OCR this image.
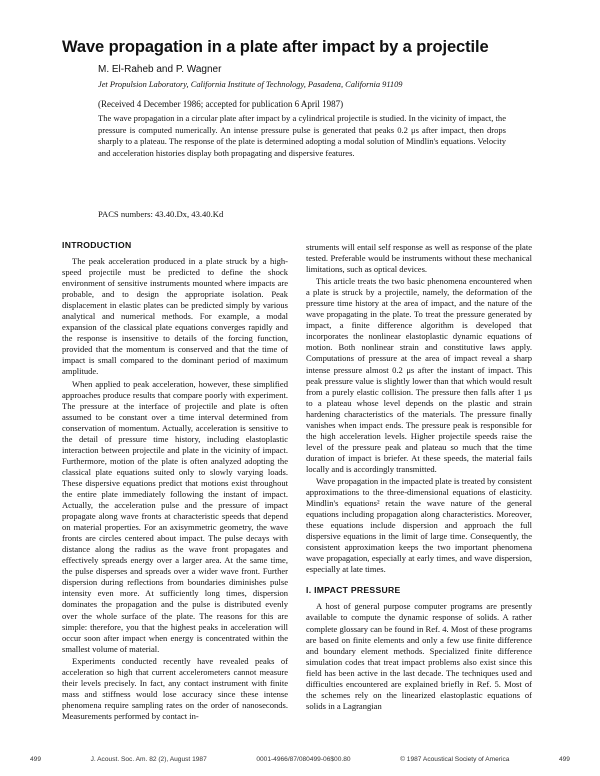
Wave propagation in a plate after impact by a projectile
M. El-Raheb and P. Wagner
Jet Propulsion Laboratory, California Institute of Technology, Pasadena, California 91109
(Received 4 December 1986; accepted for publication 6 April 1987)

The wave propagation in a circular plate after impact by a cylindrical projectile is studied. In the vicinity of impact, the pressure is computed numerically. An intense pressure pulse is generated that peaks 0.2 μs after impact, then drops sharply to a plateau. The response of the plate is determined adopting a modal solution of Mindlin's equations. Velocity and acceleration histories display both propagating and dispersive features.

PACS numbers: 43.40.Dx, 43.40.Kd
INTRODUCTION

The peak acceleration produced in a plate struck by a high-speed projectile must be predicted to define the shock environment of sensitive instruments mounted where impacts are probable, and to design the appropriate isolation. Peak displacement in elastic plates can be predicted simply by various analytical and numerical methods. For example, a modal expansion of the classical plate equations converges rapidly and the response is insensitive to details of the forcing function, provided that the momentum is conserved and that the time of impact is small compared to the dominant period of maximum amplitude.

When applied to peak acceleration, however, these simplified approaches produce results that compare poorly with experiment. The pressure at the interface of projectile and plate is often assumed to be constant over a time interval determined from conservation of momentum. Actually, acceleration is sensitive to the detail of pressure time history, including elastoplastic interaction between projectile and plate in the vicinity of impact. Furthermore, motion of the plate is often analyzed adopting the classical plate equations suited only to slowly varying loads. These dispersive equations predict that motions exist throughout the entire plate immediately following the instant of impact. Actually, the acceleration pulse and the pressure of impact propagate along wave fronts at characteristic speeds that depend on material properties. For an axisymmetric geometry, the wave fronts are circles centered about impact. The pulse decays with distance along the radius as the wave front propagates and effectively spreads energy over a larger area. At the same time, the pulse disperses and spreads over a wider wave front. Further dispersion during reflections from boundaries diminishes pulse intensity even more. At sufficiently long times, dispersion dominates the propagation and the pulse is distributed evenly over the whole surface of the plate. The reasons for this are simple: therefore, you that the highest peaks in acceleration will occur soon after impact when energy is concentrated within the smallest volume of material.

Experiments conducted recently have revealed peaks of acceleration so high that current accelerometers cannot measure their levels precisely. In fact, any contact instrument with finite mass and stiffness would lose accuracy since these intense phenomena require sampling rates on the order of nanoseconds. Measurements performed by contact in-

struments will entail self response as well as response of the plate tested. Preferable would be instruments without these mechanical limitations, such as optical devices.

This article treats the two basic phenomena encountered when a plate is struck by a projectile, namely, the deformation of the pressure time history at the area of impact, and the nature of the wave propagating in the plate. To treat the pressure generated by impact, a finite difference algorithm is developed that incorporates the nonlinear elastoplastic dynamic equations of motion. Both nonlinear strain and constitutive laws apply. Computations of pressure at the area of impact reveal a sharp intense pressure almost 0.2 μs after the instant of impact. This peak pressure value is slightly lower than that which would result from a purely elastic collision. The pressure then falls after 1 μs to a plateau whose level depends on the plastic and strain hardening characteristics of the materials. The pressure finally vanishes when impact ends. The pressure peak is responsible for the high acceleration levels. Higher projectile speeds raise the level of the pressure peak and plateau so much that the time duration of impact is briefer. At these speeds, the material fails locally and is accordingly transmitted.

Wave propagation in the impacted plate is treated by consistent approximations to the three-dimensional equations of elasticity. Mindlin's equations² retain the wave nature of the general equations including propagation along characteristics. Moreover, these equations include dispersion and approach the full dispersive equations in the limit of large time. Consequently, the consistent approximation keeps the two important phenomena wave propagation, especially at early times, and wave dispersion, especially at late times.

I. IMPACT PRESSURE

A host of general purpose computer programs are presently available to compute the dynamic response of solids. A rather complete glossary can be found in Ref. 4. Most of these programs are based on finite elements and only a few use finite difference and boundary element methods. Specialized finite difference simulation codes that treat impact problems also exist since this field has been active in the last decade. The techniques used and difficulties encountered are explained briefly in Ref. 5. Most of the schemes rely on the linearized elastoplastic equations of solids in a Lagrangian

499	J. Acoust. Soc. Am. 82 (2), August 1987	0001-4966/87/080499-06$00.80	© 1987 Acoustical Society of America	499
